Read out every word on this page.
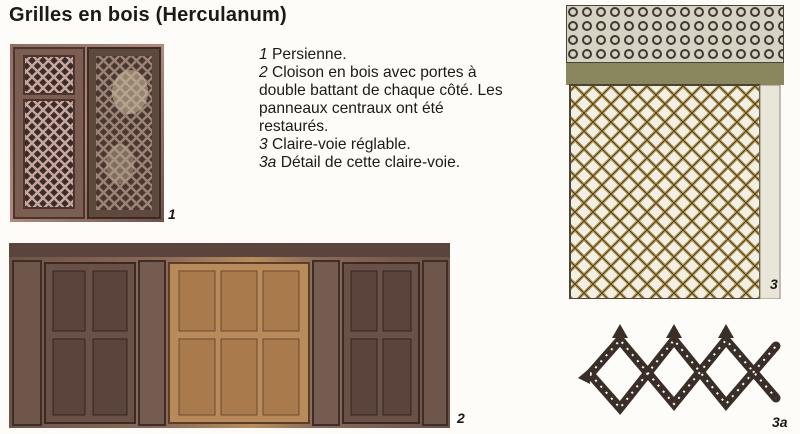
Grilles en bois (Herculanum)
1 Persienne.
2 Cloison en bois avec portes à double battant de chaque côté. Les panneaux centraux ont été restaurés.
3 Claire-voie réglable.
3a Détail de cette claire-voie.
1
2
3
3a
